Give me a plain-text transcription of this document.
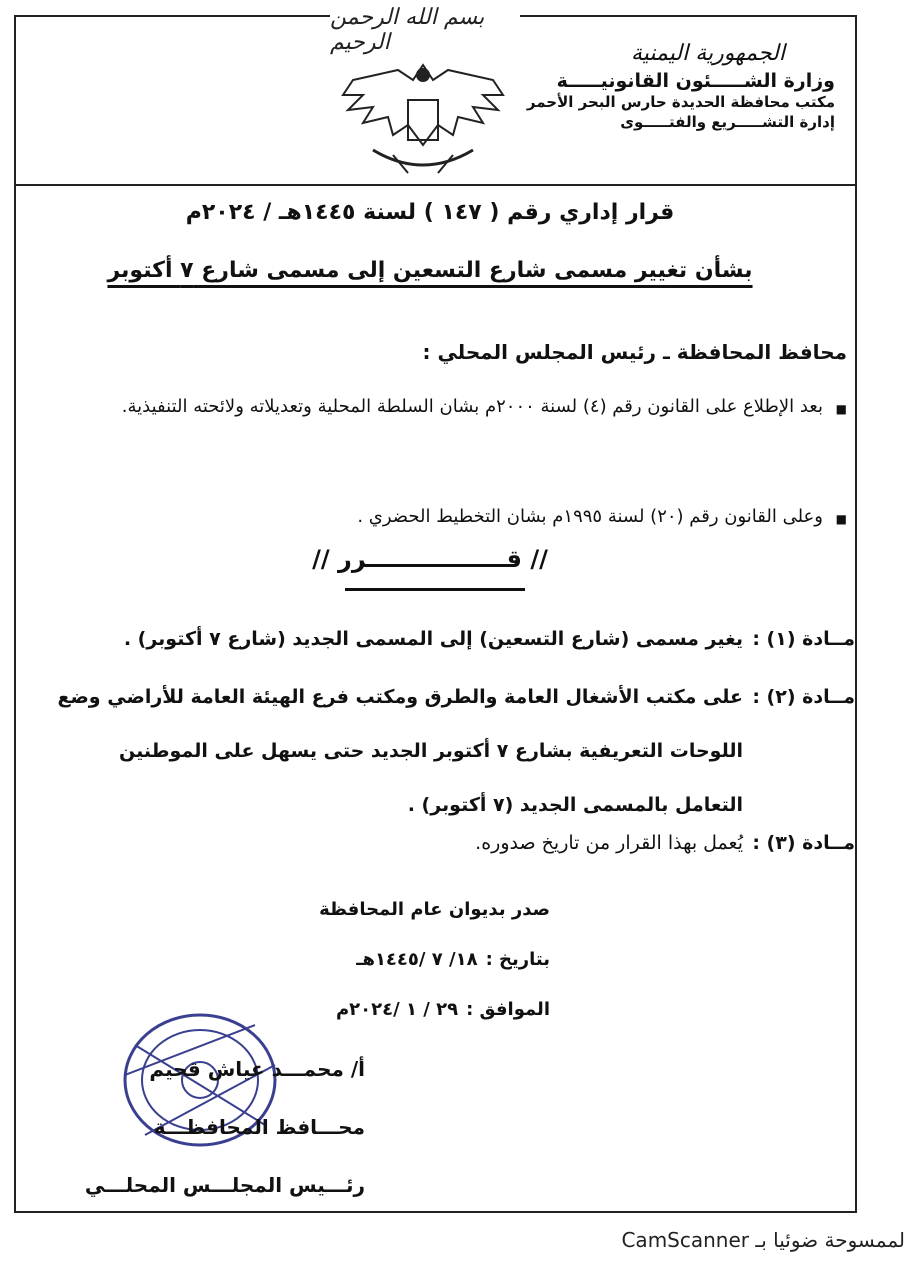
بسم الله الرحمن الرحيم	الجمهورية اليمنية
وزارة الشـــــئون القانونيـــــة
مكتب محافظة الحديدة حارس البحر الأحمر
إدارة التشـــــريع والفتـــــوى
قرار إداري رقم ( ١٤٧ ) لسنة ١٤٤٥هـ / ٢٠٢٤م
بشأن تغيير مسمى شارع التسعين إلى مسمى شارع ٧ أكتوبر
محافظ المحافظة ـ رئيس المجلس المحلي :
■
بعد الإطلاع على القانون رقم (٤) لسنة ٢٠٠٠م بشان السلطة المحلية وتعديلاته ولائحته التنفيذية.
■
وعلى القانون رقم (٢٠) لسنة ١٩٩٥م بشان التخطيط الحضري .
// قـــــــــــــــــرر //
مــادة (١) :
يغير مسمى (شارع التسعين) إلى المسمى الجديد (شارع ٧ أكتوبر) .
مــادة (٢) :
على مكتب الأشغال العامة والطرق ومكتب فرع الهيئة العامة للأراضي وضع اللوحات التعريفية بشارع ٧ أكتوبر الجديد حتى يسهل على الموطنين التعامل بالمسمى الجديد (٧ أكتوبر) .
مــادة (٣) :
يُعمل بهذا القرار من تاريخ صدوره.
صدر بديوان عام المحافظة
بتاريخ :
١٨/ ٧ /١٤٤٥هـ
الموافق :
٢٩ / ١ /٢٠٢٤م
أ/ محمـــد عياش قحيم
محـــافظ المحافظـــة
رئـــيس المجلـــس المحلـــي
لممسوحة ضوئيا بـ CamScanner
